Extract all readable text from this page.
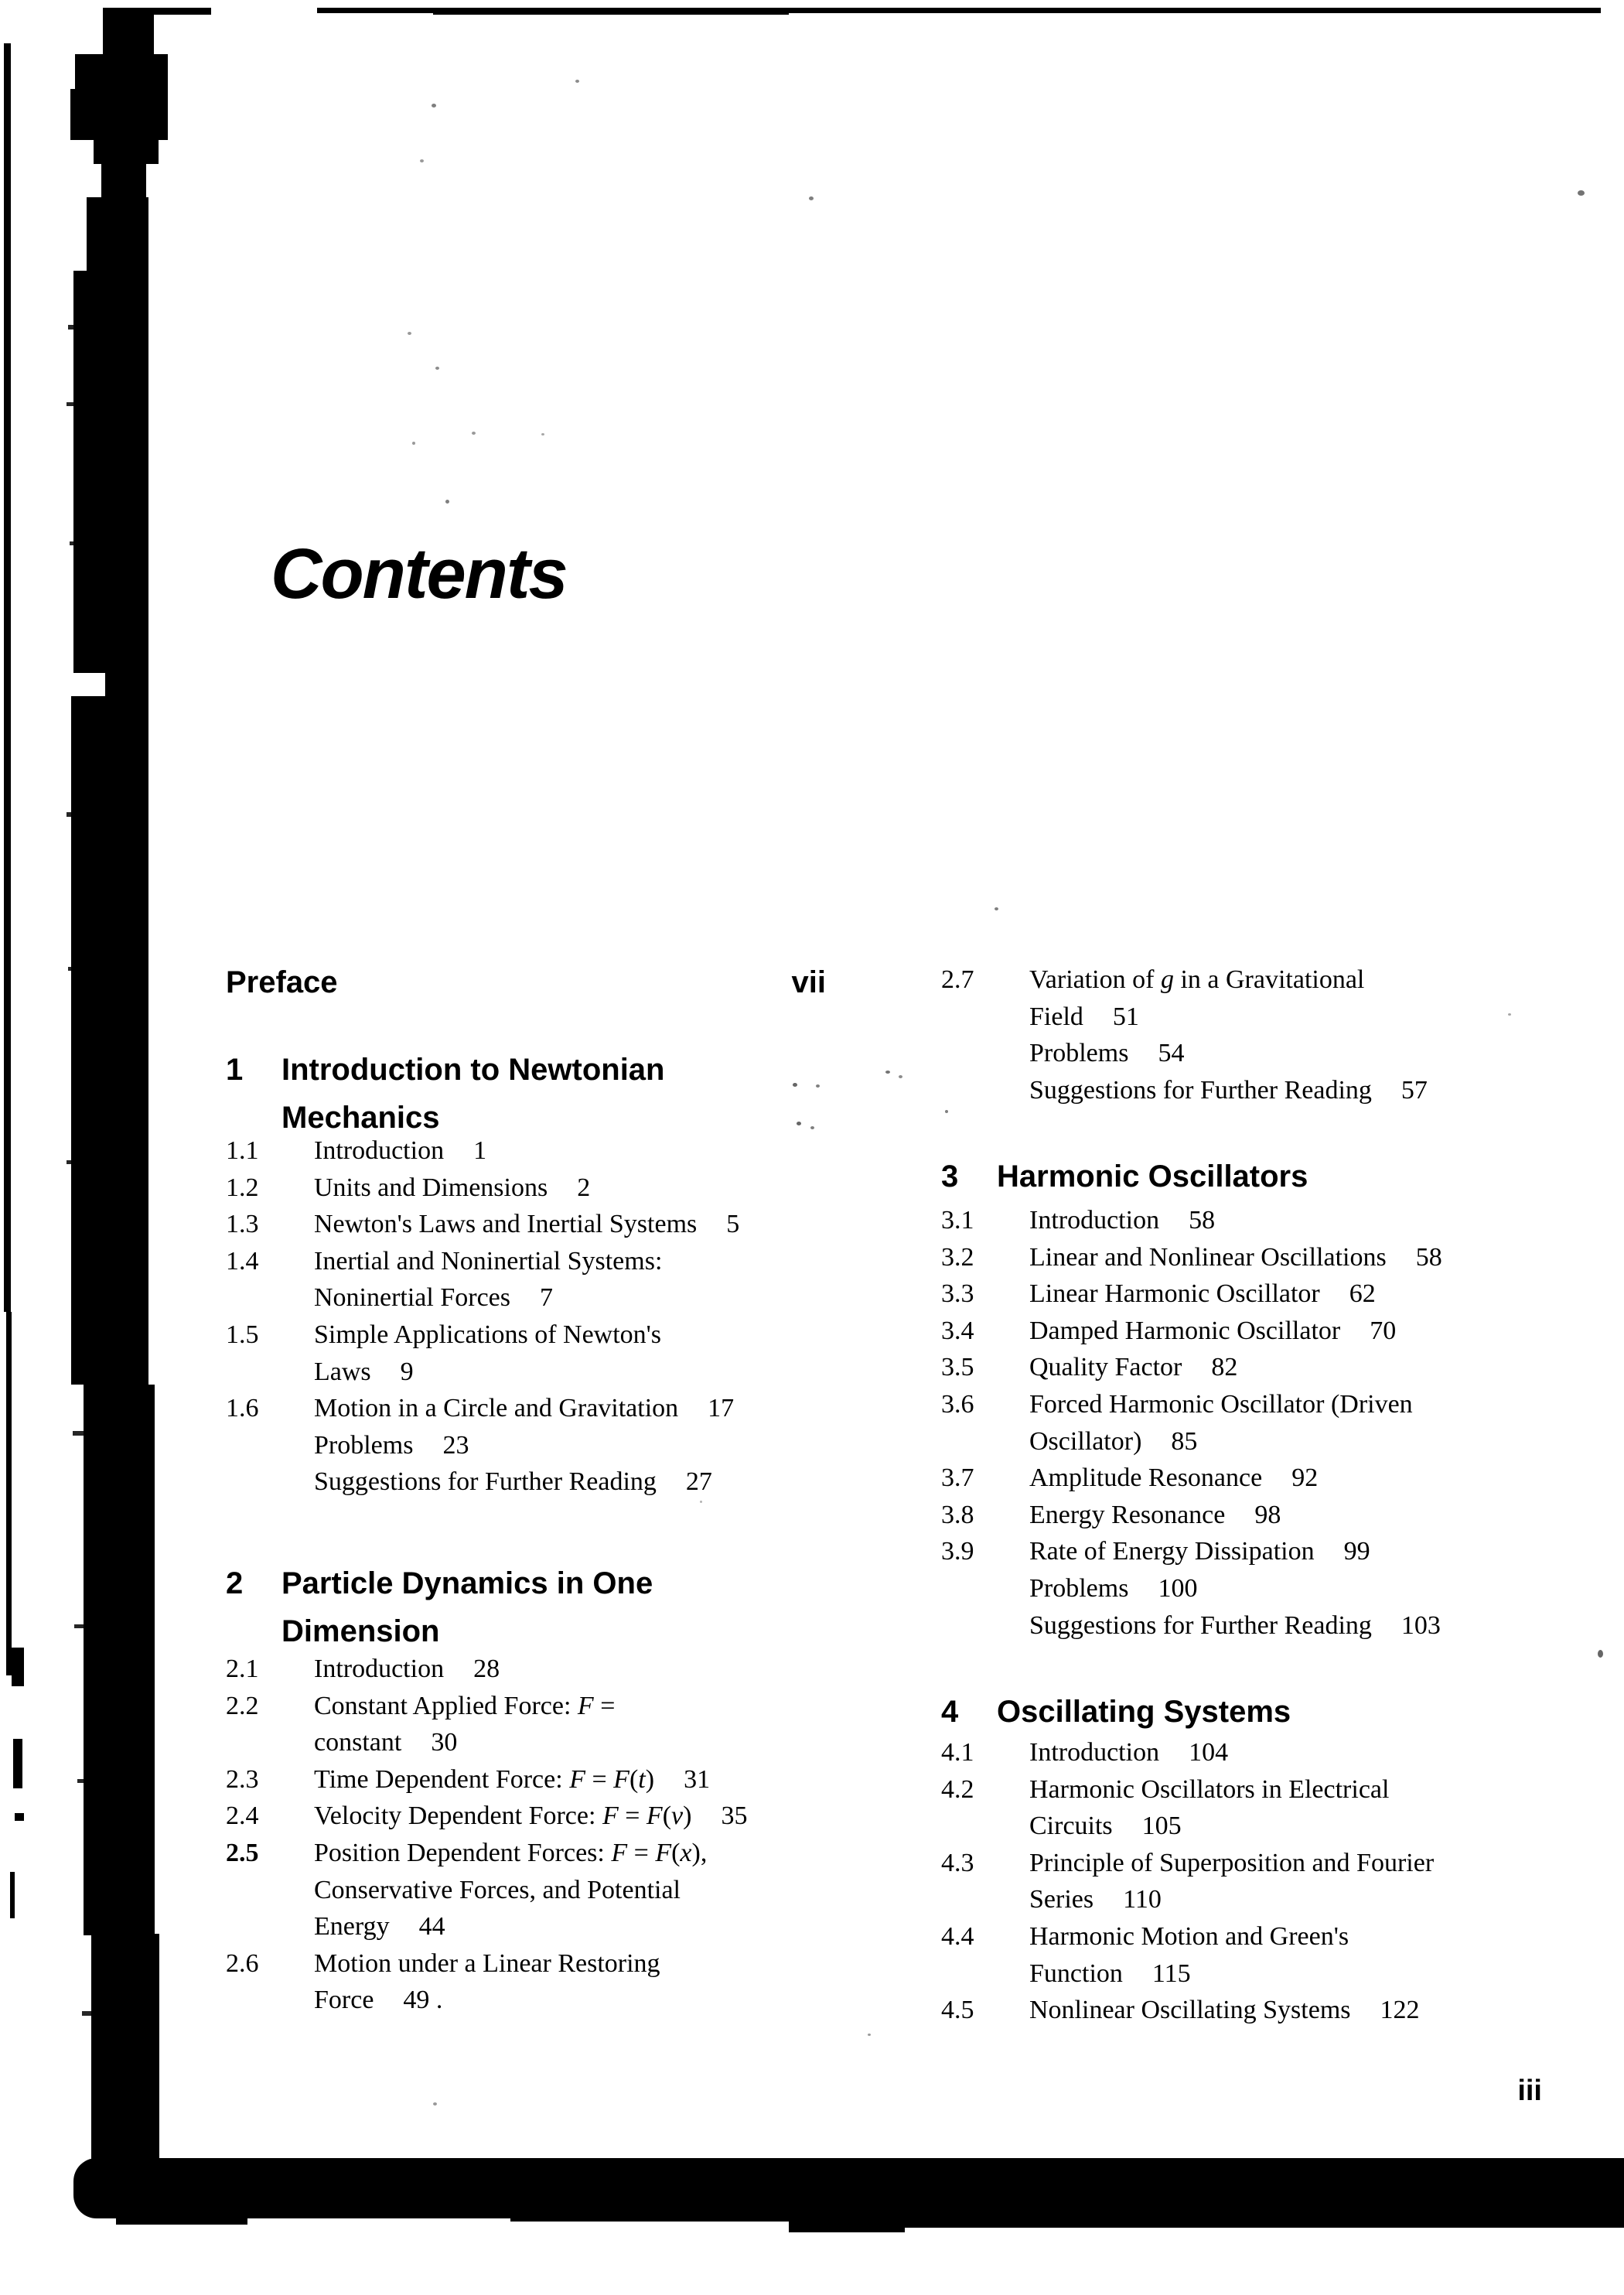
Contents
Preface	vii
1	Introduction to Newtonian
Mechanics
1.1	Introduction 1
1.2	Units and Dimensions 2
1.3	Newton's Laws and Inertial Systems 5
1.4	Inertial and Noninertial Systems:
Noninertial Forces 7
1.5	Simple Applications of Newton's
Laws 9
1.6	Motion in a Circle and Gravitation 17
Problems 23
Suggestions for Further Reading 27
2	Particle Dynamics in One
Dimension
2.1	Introduction 28
2.2	Constant Applied Force: F =
constant 30
2.3	Time Dependent Force: F = F(t) 31
2.4	Velocity Dependent Force: F = F(v) 35
2.5	Position Dependent Forces: F = F(x),
Conservative Forces, and Potential
Energy 44
2.6	Motion under a Linear Restoring
Force 49 .
2.7	Variation of g in a Gravitational
Field 51
Problems 54
Suggestions for Further Reading 57
3	Harmonic Oscillators
3.1	Introduction 58
3.2	Linear and Nonlinear Oscillations 58
3.3	Linear Harmonic Oscillator 62
3.4	Damped Harmonic Oscillator 70
3.5	Quality Factor 82
3.6	Forced Harmonic Oscillator (Driven
Oscillator) 85
3.7	Amplitude Resonance 92
3.8	Energy Resonance 98
3.9	Rate of Energy Dissipation 99
Problems 100
Suggestions for Further Reading 103
4	Oscillating Systems
4.1	Introduction 104
4.2	Harmonic Oscillators in Electrical
Circuits 105
4.3	Principle of Superposition and Fourier
Series 110
4.4	Harmonic Motion and Green's
Function 115
4.5	Nonlinear Oscillating Systems 122
iii
